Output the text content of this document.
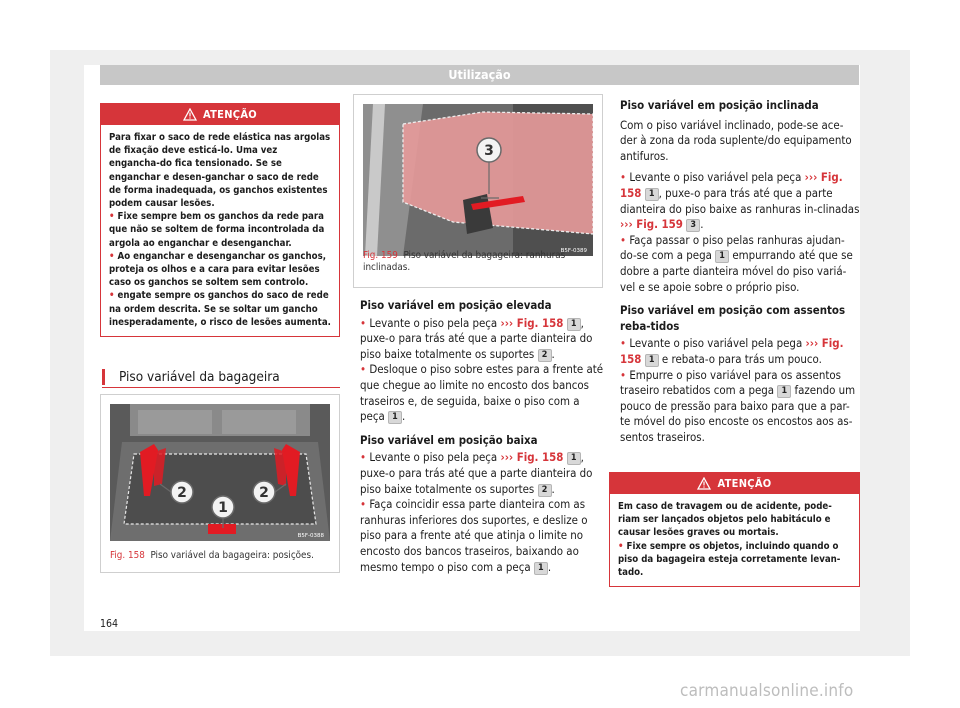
Utilização
ATENÇÃO

Para fixar o saco de rede elástica nas argolas de fixação deve esticá-lo. Uma vez engancha-do fica tensionado. Se se enganchar e desen-ganchar o saco de rede de forma inadequada, os ganchos existentes podem causar lesões.

• Fixe sempre bem os ganchos da rede para que não se soltem de forma incontrolada da argola ao enganchar e desenganchar.

• Ao enganchar e desenganchar os ganchos, proteja os olhos e a cara para evitar lesões caso os ganchos se soltem sem controlo.

• engate sempre os ganchos do saco de rede na ordem descrita. Se se soltar um gancho inesperadamente, o risco de lesões aumenta.

Piso variável da bagageira
1
2	2
B5F-0388
Fig. 158 Piso variável da bagageira: posições.
3
B5F-0389
Fig. 159 Piso variável da bagageira: ranhuras inclinadas.

Piso variável em posição elevada

• Levante o piso pela peça ››› Fig. 158 1 , puxe-o para trás até que a parte dianteira do piso baixe totalmente os suportes 2 .

• Desloque o piso sobre estes para a frente até que chegue ao limite no encosto dos bancos traseiros e, de seguida, baixe o piso com a peça 1 .

Piso variável em posição baixa

• Levante o piso pela peça ››› Fig. 158 1 , puxe-o para trás até que a parte dianteira do piso baixe totalmente os suportes 2 .

• Faça coincidir essa parte dianteira com as ranhuras inferiores dos suportes, e deslize o piso para a frente até que atinja o limite no encosto dos bancos traseiros, baixando ao mesmo tempo o piso com a peça 1 .

Piso variável em posição inclinada

Com o piso variável inclinado, pode-se ace-der à zona da roda suplente/do equipamento antifuros.

• Levante o piso variável pela peça ››› Fig. 158 1 , puxe-o para trás até que a parte dianteira do piso baixe as ranhuras in-clinadas ››› Fig. 159 3 .

• Faça passar o piso pelas ranhuras ajudan-do-se com a pega 1 empurrando até que se dobre a parte dianteira móvel do piso variá-vel e se apoie sobre o próprio piso.

Piso variável em posição com assentos reba-tidos

• Levante o piso variável pela pega ››› Fig. 158 1 e rebata-o para trás um pouco.

• Empurre o piso variável para os assentos traseiro rebatidos com a pega 1 fazendo um pouco de pressão para baixo para que a par-te móvel do piso encoste os encostos aos as-sentos traseiros.

ATENÇÃO

Em caso de travagem ou de acidente, pode-riam ser lançados objetos pelo habitáculo e causar lesões graves ou mortais.

• Fixe sempre os objetos, incluindo quando o piso da bagageira esteja corretamente levan-tado.

164
carmanualsonline.info
